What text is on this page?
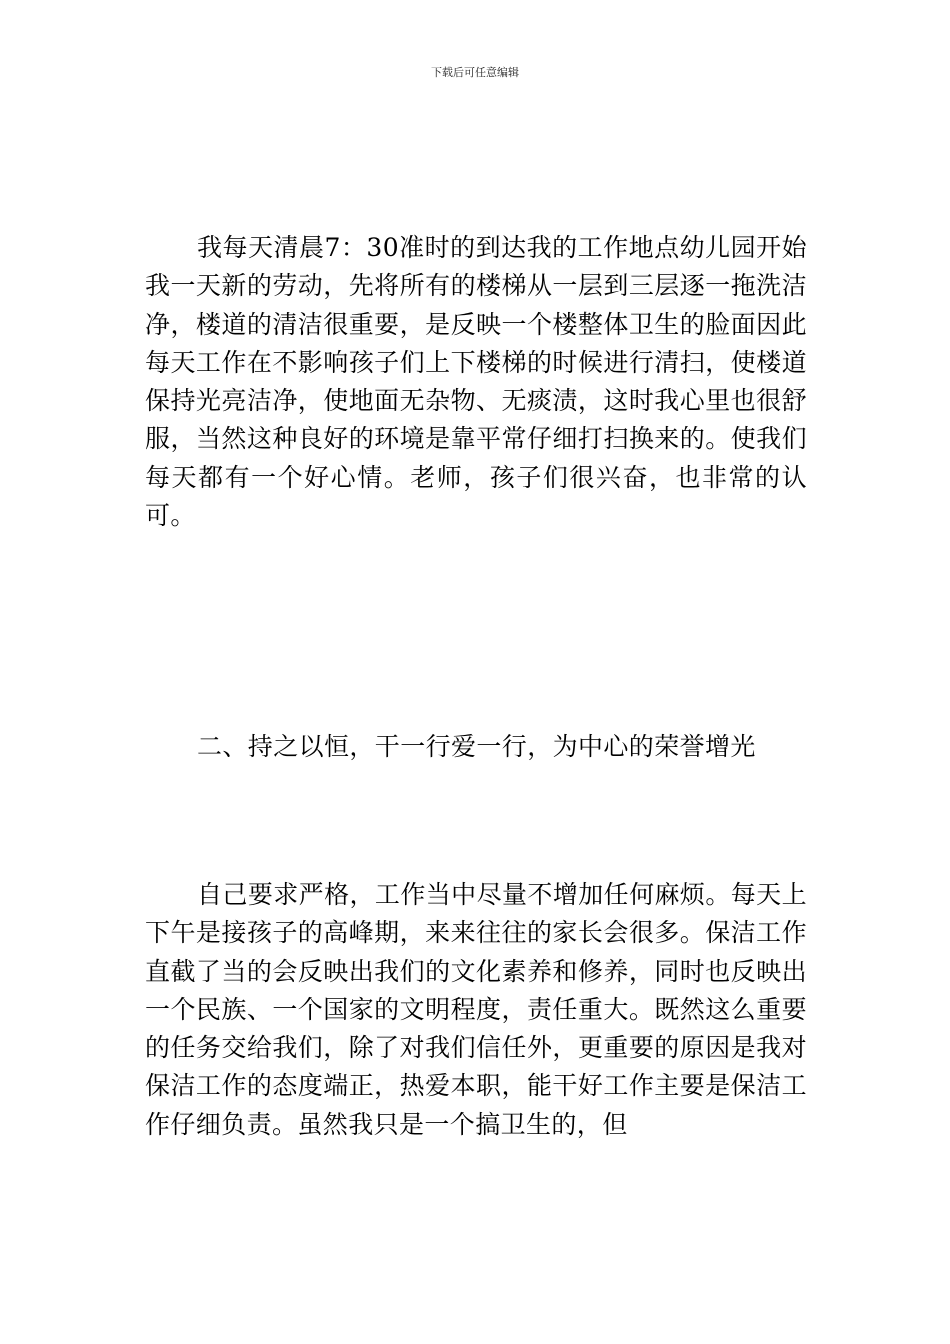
下载后可任意编辑

我每天清晨7：30准时的到达我的工作地点幼儿园开始我一天新的劳动，先将所有的楼梯从一层到三层逐一拖洗洁净，楼道的清洁很重要，是反映一个楼整体卫生的脸面因此每天工作在不影响孩子们上下楼梯的时候进行清扫，使楼道保持光亮洁净，使地面无杂物、无痰渍，这时我心里也很舒服，当然这种良好的环境是靠平常仔细打扫换来的。使我们每天都有一个好心情。老师，孩子们很兴奋，也非常的认可。

二、持之以恒，干一行爱一行，为中心的荣誉增光

自己要求严格，工作当中尽量不增加任何麻烦。每天上下午是接孩子的高峰期，来来往往的家长会很多。保洁工作直截了当的会反映出我们的文化素养和修养，同时也反映出一个民族、一个国家的文明程度，责任重大。既然这么重要的任务交给我们，除了对我们信任外，更重要的原因是我对保洁工作的态度端正，热爱本职，能干好工作主要是保洁工作仔细负责。虽然我只是一个搞卫生的，但
